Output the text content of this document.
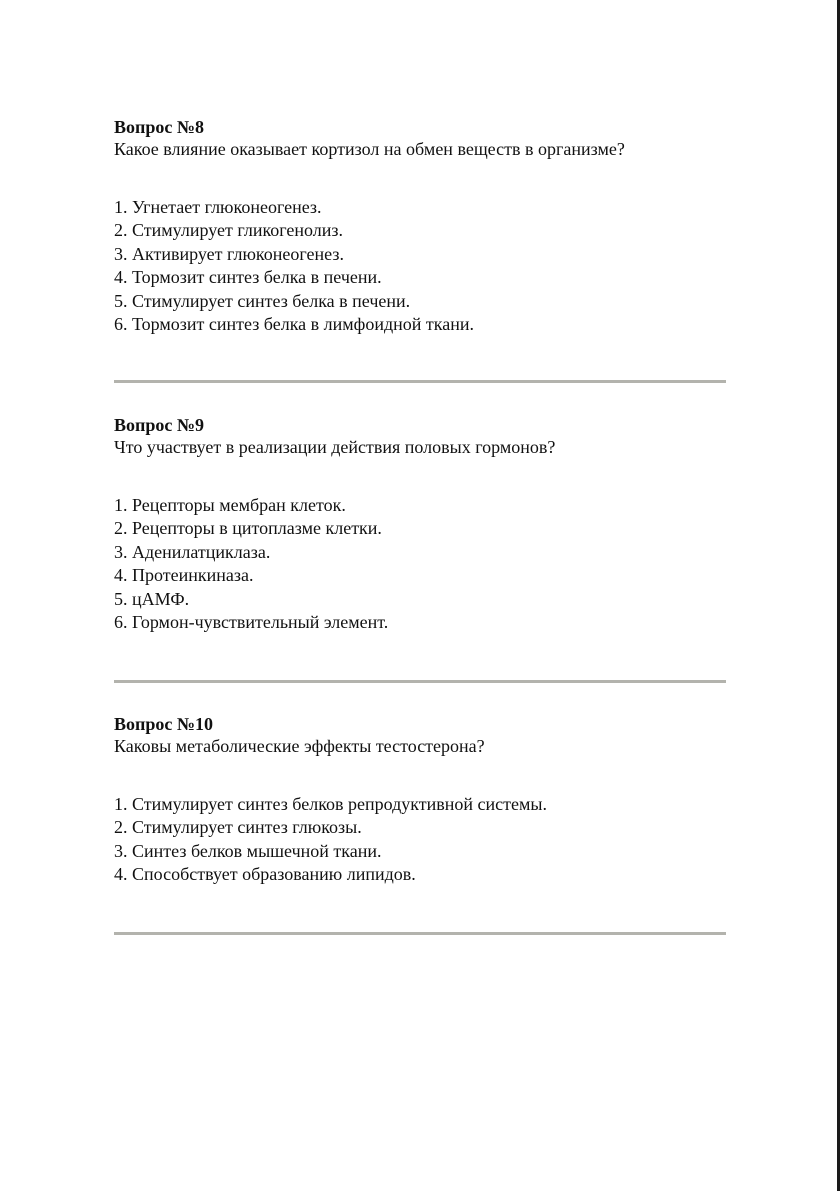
Вопрос №8

Какое влияние оказывает кортизол на обмен веществ в организме?

1. Угнетает глюконеогенез.
2. Стимулирует гликогенолиз.
3. Активирует глюконеогенез.
4. Тормозит синтез белка в печени.
5. Стимулирует синтез белка в печени.
6. Тормозит синтез белка в лимфоидной ткани.

Вопрос №9

Что участвует в реализации действия половых гормонов?

1. Рецепторы мембран клеток.
2. Рецепторы в цитоплазме клетки.
3. Аденилатциклаза.
4. Протеинкиназа.
5. цАМФ.
6. Гормон-чувствительный элемент.

Вопрос №10

Каковы метаболические эффекты тестостерона?

1. Стимулирует синтез белков репродуктивной системы.
2. Стимулирует синтез глюкозы.
3. Синтез белков мышечной ткани.
4. Способствует образованию липидов.
